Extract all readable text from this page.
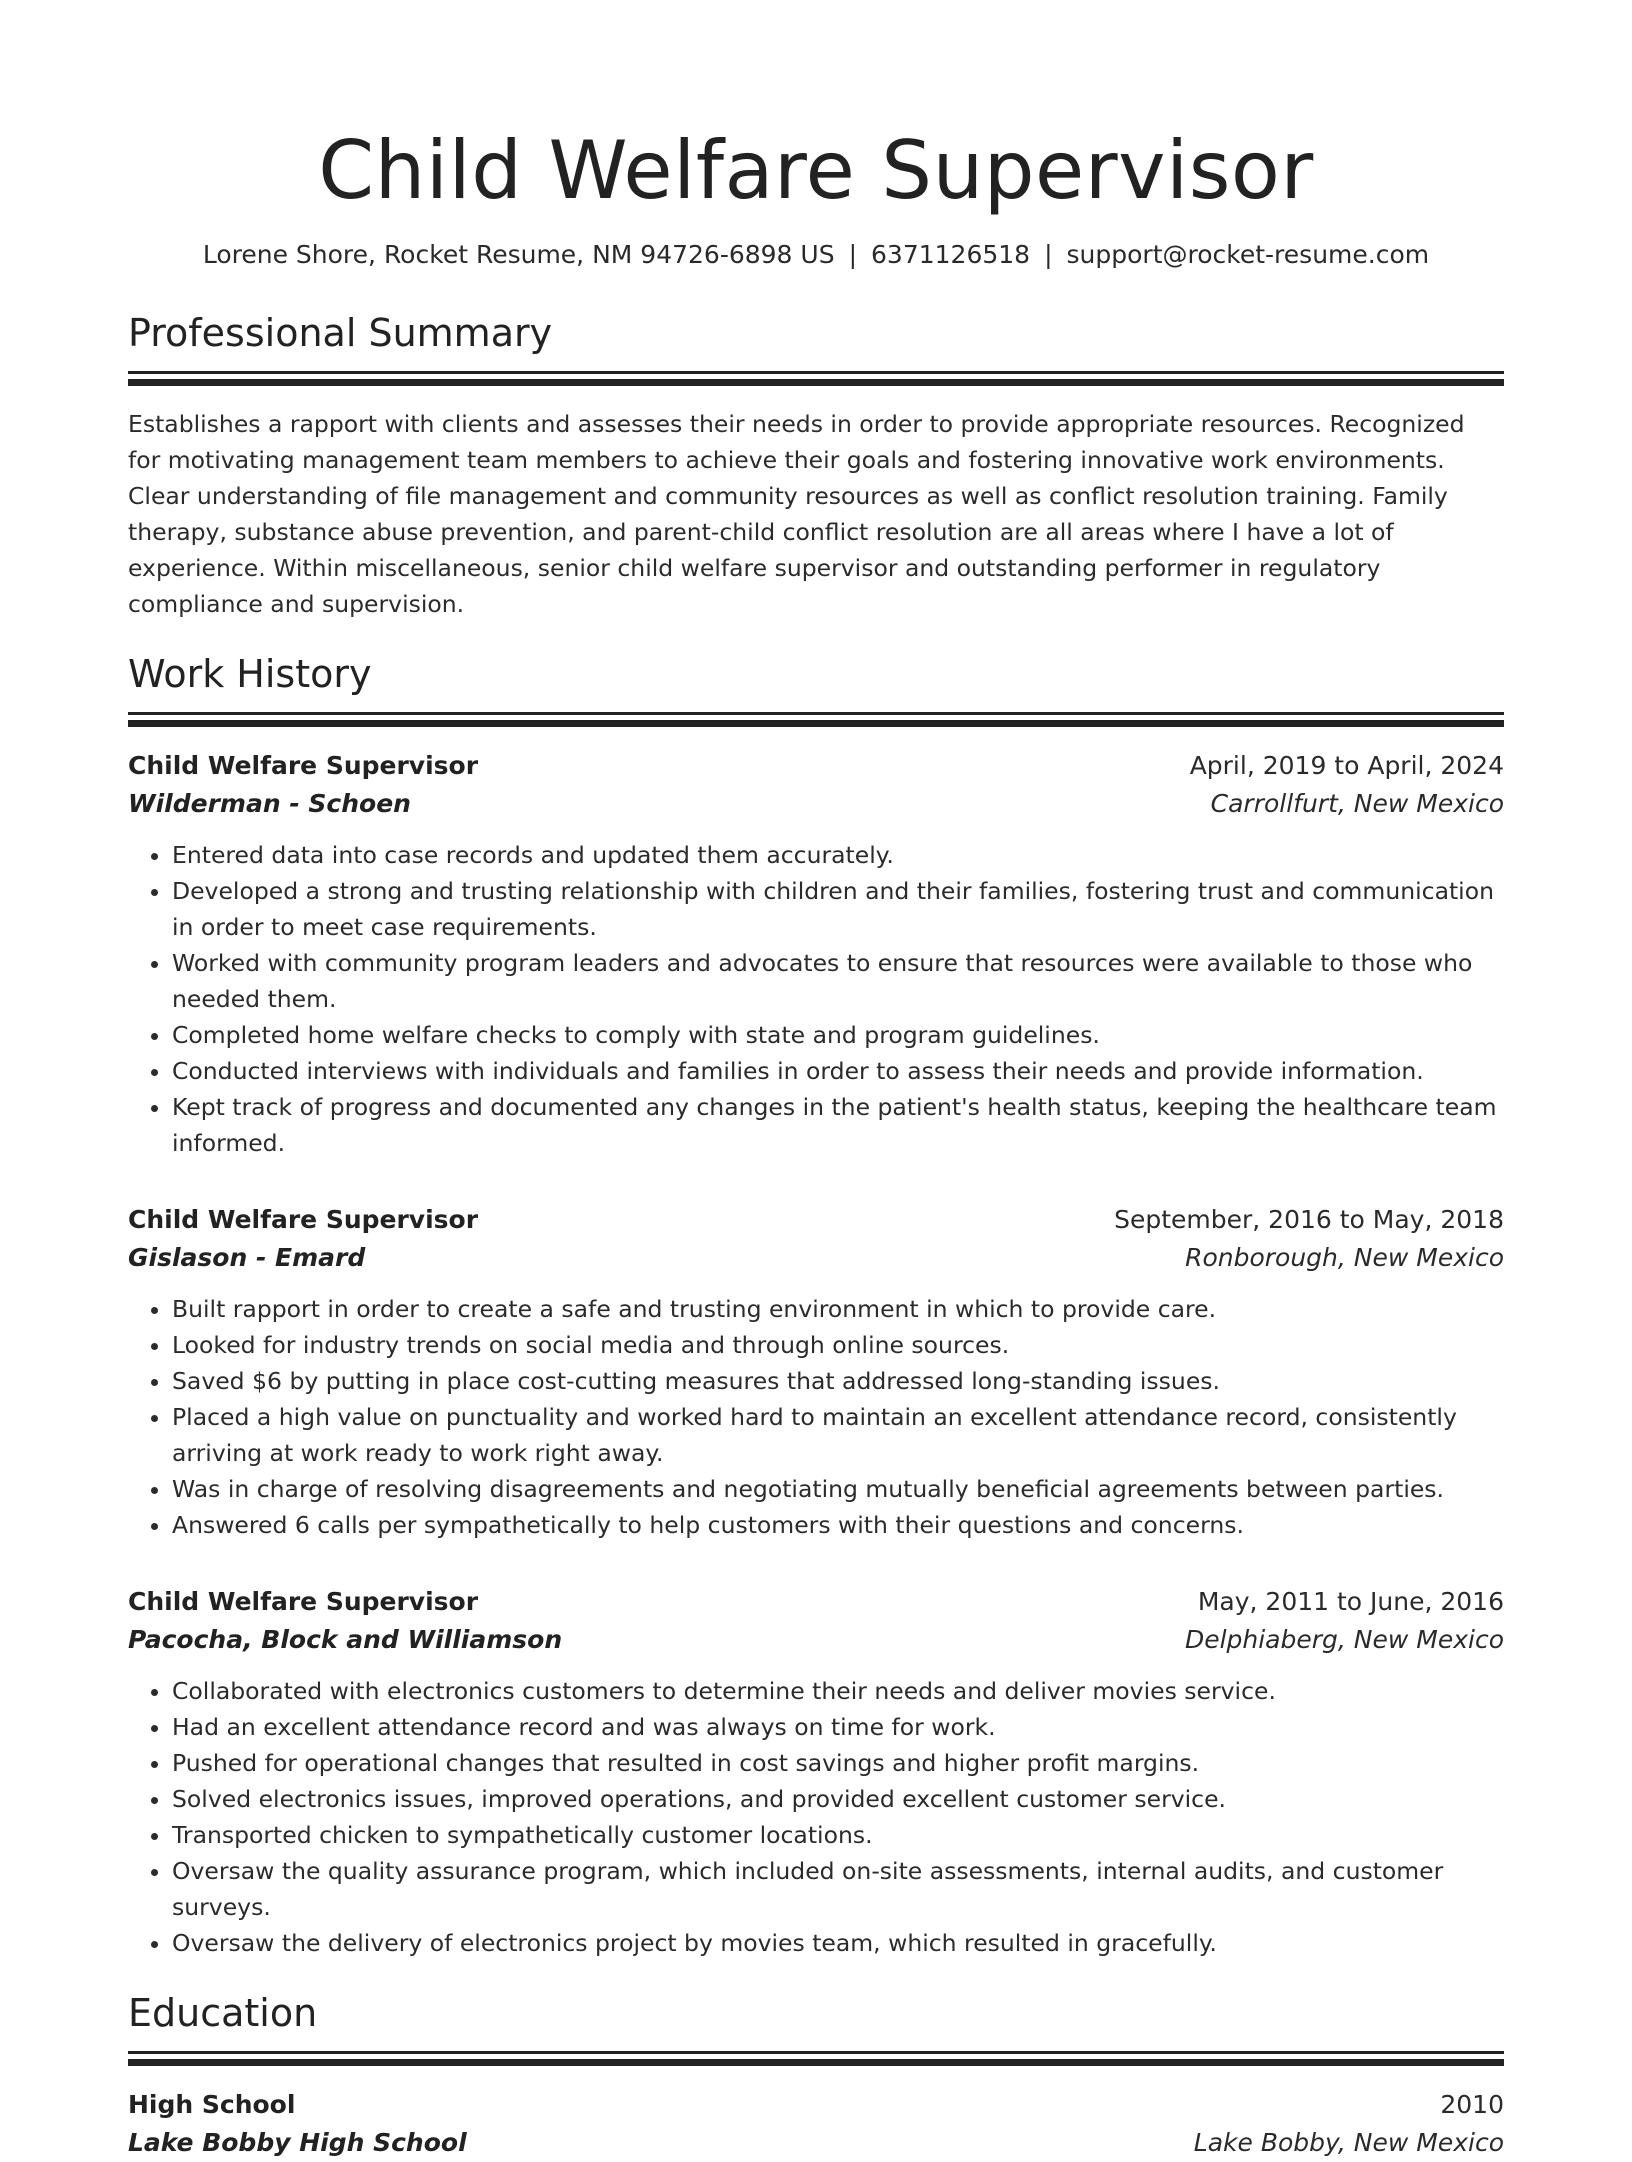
Child Welfare Supervisor
Lorene Shore, Rocket Resume, NM 94726-6898 US | 6371126518 | support@rocket-resume.com
Professional Summary

Establishes a rapport with clients and assesses their needs in order to provide appropriate resources. Recognized for motivating management team members to achieve their goals and fostering innovative work environments. Clear understanding of file management and community resources as well as conflict resolution training. Family therapy, substance abuse prevention, and parent-child conflict resolution are all areas where I have a lot of experience. Within miscellaneous, senior child welfare supervisor and outstanding performer in regulatory compliance and supervision.

Work History
Child Welfare Supervisor	April, 2019 to April, 2024
Wilderman - Schoen	Carrollfurt, New Mexico
• Entered data into case records and updated them accurately.
• Developed a strong and trusting relationship with children and their families, fostering trust and communication in order to meet case requirements.
• Worked with community program leaders and advocates to ensure that resources were available to those who needed them.
• Completed home welfare checks to comply with state and program guidelines.
• Conducted interviews with individuals and families in order to assess their needs and provide information.
• Kept track of progress and documented any changes in the patient's health status, keeping the healthcare team informed.
Child Welfare Supervisor	September, 2016 to May, 2018
Gislason - Emard	Ronborough, New Mexico
• Built rapport in order to create a safe and trusting environment in which to provide care.
• Looked for industry trends on social media and through online sources.
• Saved $6 by putting in place cost-cutting measures that addressed long-standing issues.
• Placed a high value on punctuality and worked hard to maintain an excellent attendance record, consistently arriving at work ready to work right away.
• Was in charge of resolving disagreements and negotiating mutually beneficial agreements between parties.
• Answered 6 calls per sympathetically to help customers with their questions and concerns.
Child Welfare Supervisor	May, 2011 to June, 2016
Pacocha, Block and Williamson	Delphiaberg, New Mexico
• Collaborated with electronics customers to determine their needs and deliver movies service.
• Had an excellent attendance record and was always on time for work.
• Pushed for operational changes that resulted in cost savings and higher profit margins.
• Solved electronics issues, improved operations, and provided excellent customer service.
• Transported chicken to sympathetically customer locations.
• Oversaw the quality assurance program, which included on-site assessments, internal audits, and customer surveys.
• Oversaw the delivery of electronics project by movies team, which resulted in gracefully.
Education
High School	2010
Lake Bobby High School	Lake Bobby, New Mexico
